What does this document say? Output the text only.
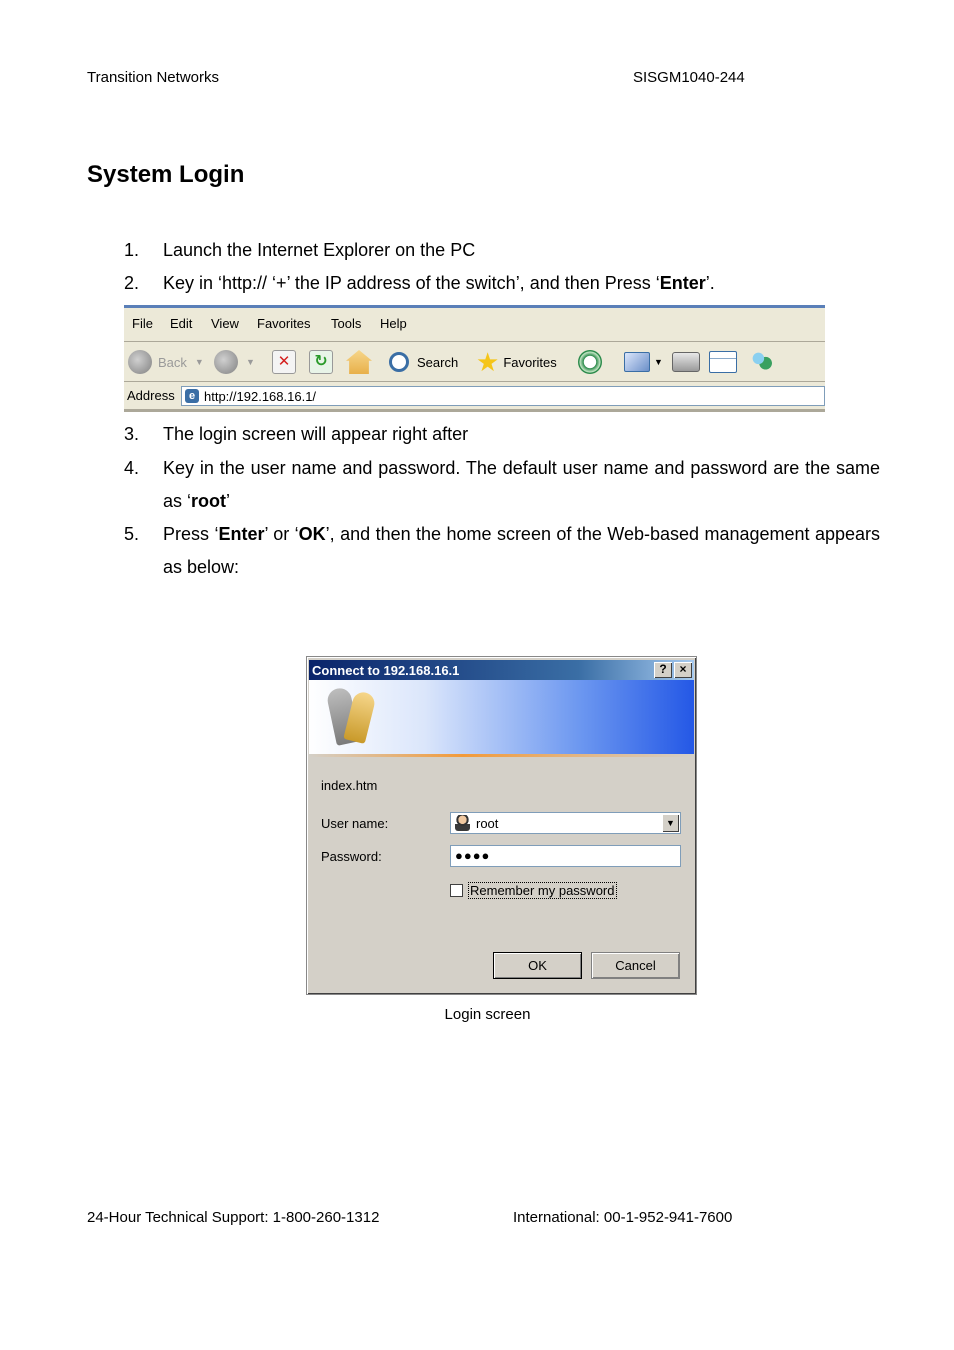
Transition Networks	SISGM1040-244
System Login
1. Launch the Internet Explorer on the PC
2. Key in ‘http:// ‘+’ the IP address of the switch’, and then Press ‘Enter’.
File Edit View Favorites Tools Help
Back ▼	▼	✕	↻	Search ★ Favorites	▼
Address	e http://192.168.16.1/
3. The login screen will appear right after
4. Key in the user name and password. The default user name and password are the same as ‘root’
5. Press ‘Enter’ or ‘OK’, and then the home screen of the Web-based management appears as below:
Connect to 192.168.16.1	?	×
index.htm
User name:	root	▼
Password:	●●●●
Remember my password
OK	Cancel
Login screen
24-Hour Technical Support: 1-800-260-1312	International: 00-1-952-941-7600
